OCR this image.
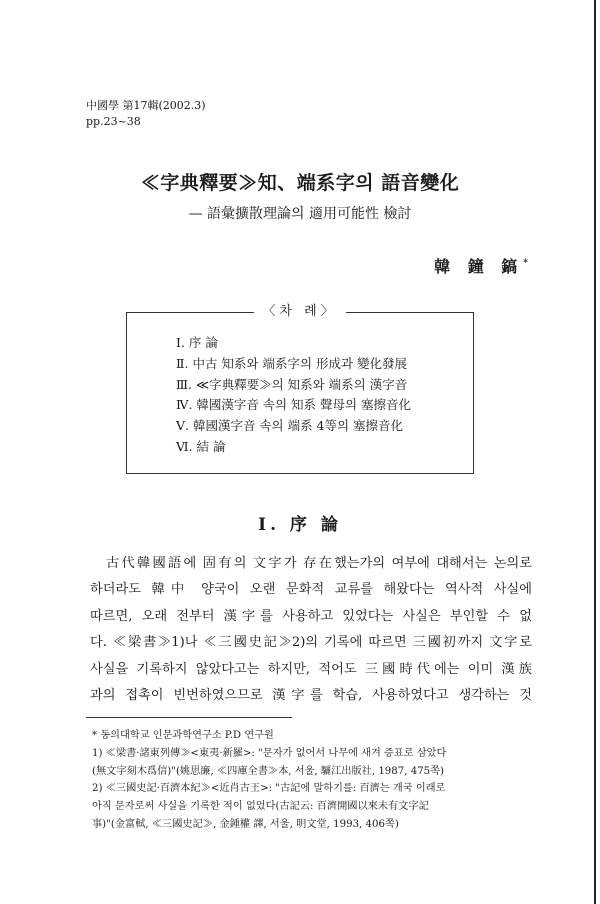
中國學 第17輯(2002.3)
pp.23~38
≪字典釋要≫知、端系字의 語音變化
— 語彙擴散理論의 適用可能性 檢討
韓 鐘 鎬*
〈차 례〉
Ⅰ. 序 論
Ⅱ. 中古 知系와 端系字의 形成과 變化發展
Ⅲ. ≪字典釋要≫의 知系와 端系의 漢字音
Ⅳ. 韓國漢字音 속의 知系 聲母의 塞擦音化
Ⅴ. 韓國漢字音 속의 端系 4等의 塞擦音化
Ⅵ. 結 論
Ⅰ. 序 論
古代韓國語에 固有의 文字가 存在했는가의 여부에 대해서는 논의로
하더라도 韓中 양국이 오랜 문화적 교류를 해왔다는 역사적 사실에
따르면, 오래 전부터 漢字를 사용하고 있었다는 사실은 부인할 수 없
다. ≪梁書≫1)나 ≪三國史記≫2)의 기록에 따르면 三國初까지 文字로
사실을 기록하지 않았다고는 하지만, 적어도 三國時代에는 이미 漢族
과의 접촉이 빈번하였으므로 漢字를 학습, 사용하였다고 생각하는 것
* 동의대학교 인문과학연구소 P.D 연구원
1) ≪梁書·諸東列傳≫<東夷·新羅>: "문자가 없어서 나무에 새겨 증표로 삼았다
(無文字刻木爲信)"(姚思廉, ≪四庫全書≫本, 서울, 驪江出版社, 1987, 475쪽)
2) ≪三國史記·百濟本紀≫<近肖古王>: "古記에 말하기를: 百濟는 개국 이래로
아직 문자로써 사실을 기록한 적이 없었다(古記云: 百濟開國以來未有文字記
事)"(金富軾, ≪三國史記≫, 金鍾權 譯, 서울, 明文堂, 1993, 406쪽)
